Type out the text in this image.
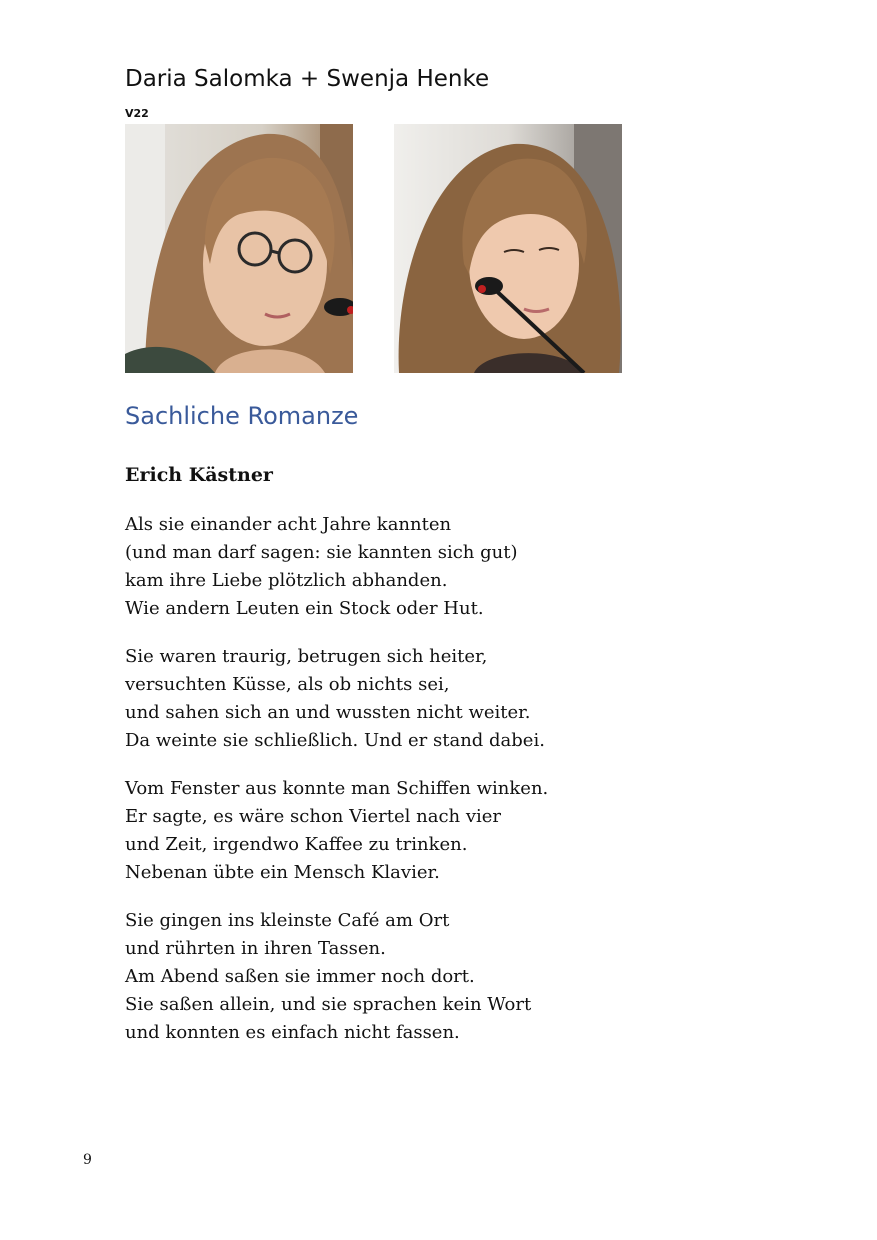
Daria Salomka + Swenja Henke
V22
Sachliche Romanze
Erich Kästner

Als sie einander acht Jahre kannten
(und man darf sagen: sie kannten sich gut)
kam ihre Liebe plötzlich abhanden.
Wie andern Leuten ein Stock oder Hut.

Sie waren traurig, betrugen sich heiter,
versuchten Küsse, als ob nichts sei,
und sahen sich an und wussten nicht weiter.
Da weinte sie schließlich. Und er stand dabei.

Vom Fenster aus konnte man Schiffen winken.
Er sagte, es wäre schon Viertel nach vier
und Zeit, irgendwo Kaffee zu trinken.
Nebenan übte ein Mensch Klavier.

Sie gingen ins kleinste Café am Ort
und rührten in ihren Tassen.
Am Abend saßen sie immer noch dort.
Sie saßen allein, und sie sprachen kein Wort
und konnten es einfach nicht fassen.

9
